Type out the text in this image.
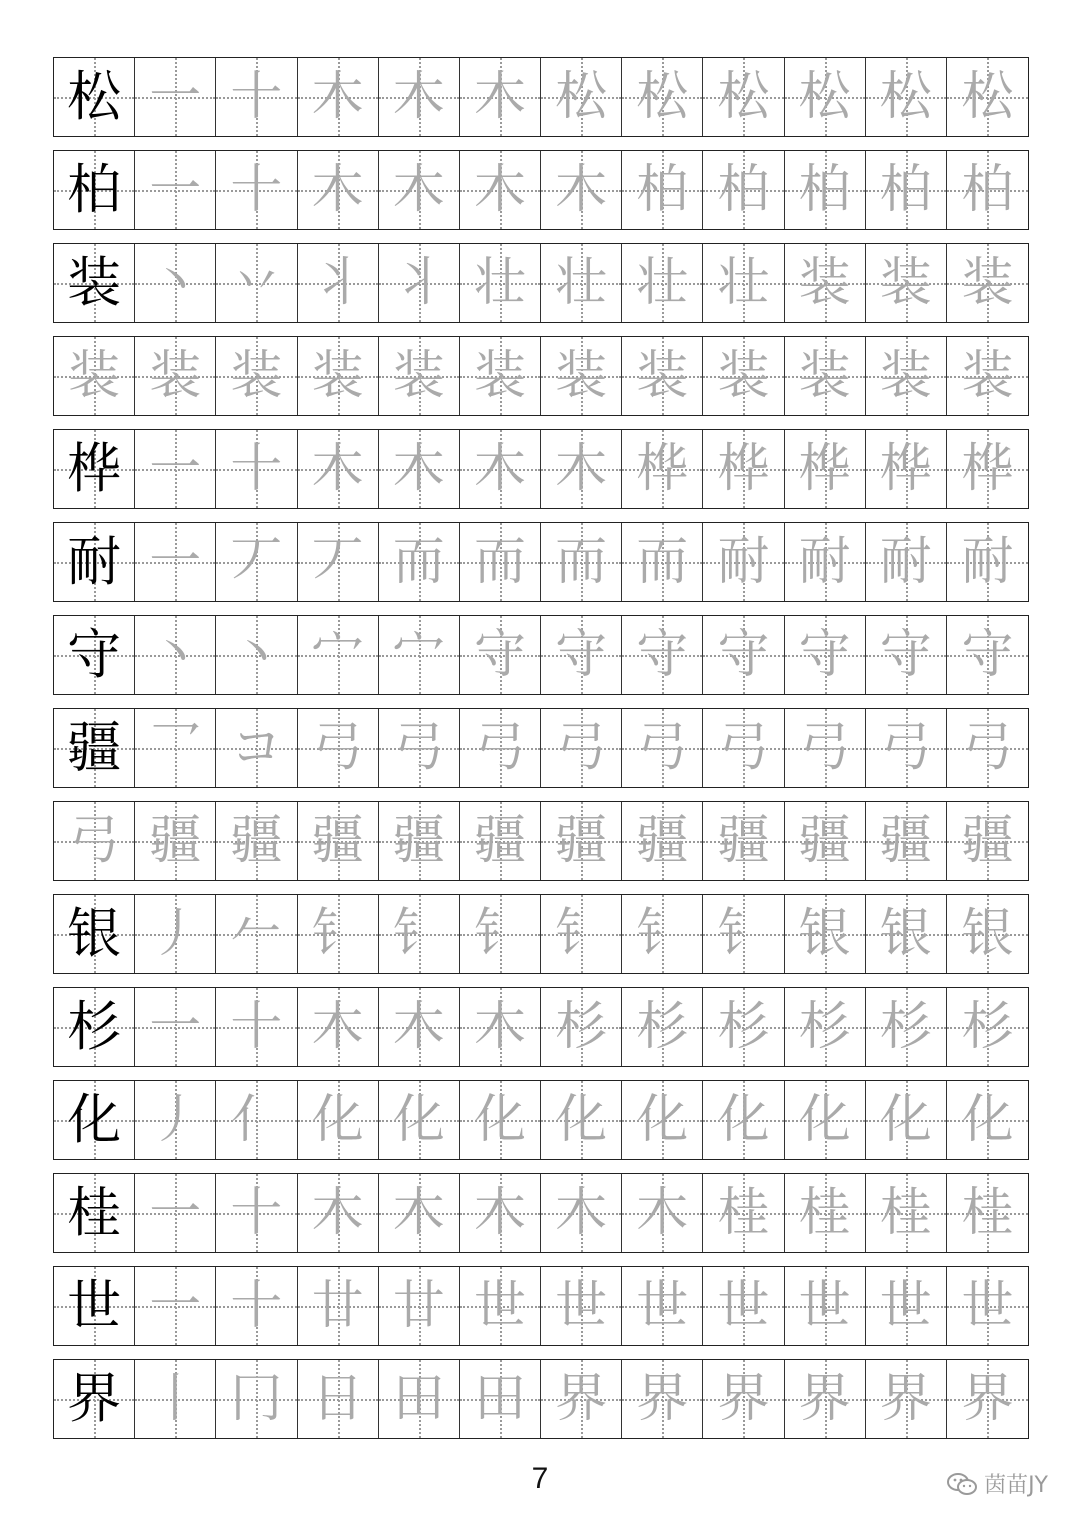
松 一 十 木 木 木 松 松 松 松 松 松
柏 一 十 木 木 木 木 柏 柏 柏 柏 柏
装 丶 丷 丬 丬 壮 壮 壮 壮 装 装 装
装 装 装 装 装 装 装 装 装 装 装 装
桦 一 十 木 木 木 木 桦 桦 桦 桦 桦
耐 一 丆 丆 而 而 而 而 耐 耐 耐 耐
守 丶 丶 宀 宀 守 守 守 守 守 守 守
疆 乛 コ 弓 弓 弓 弓 弓 弓 弓 弓 弓
弓 疆 疆 疆 疆 疆 疆 疆 疆 疆 疆 疆
银 丿 𠂉 钅 钅 钅 钅 钅 钅 银 银 银
杉 一 十 木 木 木 杉 杉 杉 杉 杉 杉
化 丿 亻 化 化 化 化 化 化 化 化 化
桂 一 十 木 木 木 木 木 桂 桂 桂 桂
世 一 十 廿 廿 世 世 世 世 世 世 世
界 丨 冂 日 田 田 界 界 界 界 界 界
7	茵苗JY
